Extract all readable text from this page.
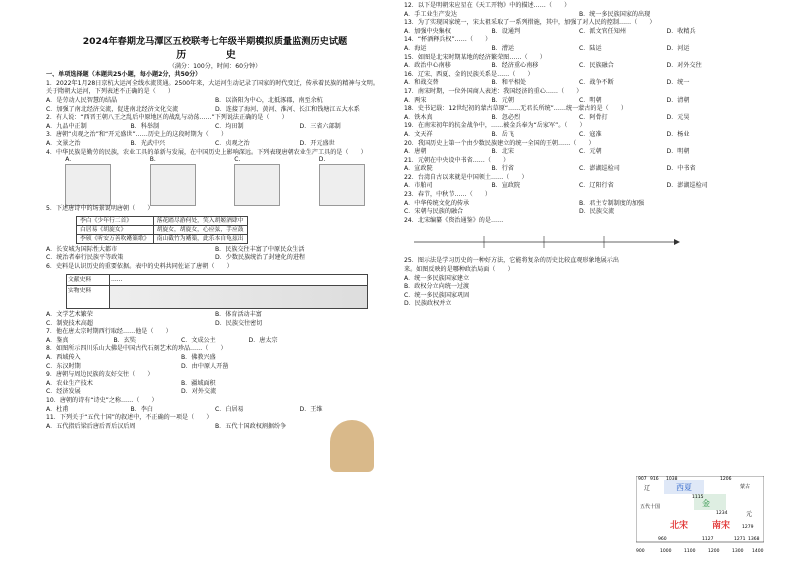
2024年春期龙马潭区五校联考七年级半期模拟质量监测历史试题
历 史
（满分：100分，时间：60分钟）
一、单项选择题（本题共25小题，每小题2分，共50分）
1．2022年1月28日京杭大运河全线水流贯通。2500年来，大运河生动记录了国家的时代变迁，传承着民族的精神与文明。关于隋朝大运河，下列表述不正确的是（　　）
A．是劳动人民智慧的结晶	B．以洛阳为中心，北抵涿郡，南至余杭
C．加强了南北经济交流，促进南北经济文化交流	D．连接了海河、黄河、淮河、长江和钱塘江五大水系
2．有人说：“西晋王朝八王之乱后中原地区的战乱与动荡……”下列说法正确的是（　　）
A．九品中正制	B．科举制	C．均田制	D．三省六部制
3．唐朝“贞观之治”和“开元盛世”……历史上的这段时期为（　　）
A．文景之治	B．光武中兴	C．贞观之治	D．开元盛世
4．中华民族是勤劳的民族，农业工具的革新与发展，在中国历史上影响深远。下列表现唐朝农业生产工具的是（　　）
A.	B.	C.	D.
5．下述唐诗中的场景说明唐朝（　　）
李白《少年行二首》	落花踏尽游何处，笑入胡姬酒肆中
白居易《胡旋女》	胡旋女，胡旋女，心应弦，手应鼓
李颀《听安万善吹觱篥歌》	南山截竹为觱篥，此乐本自龟兹出
A．长安城为国际性大都市	B．民族交往丰富了中原民众生活
C．统治者奉行民族平等政策	D．少数民族统治了封建化的进程
6．史料是认识历史的重要依据。表中的史料共同佐证了唐朝（　　）
文献史料	……
实物史料
A．文学艺术繁荣	B．体育活动丰富
C．制瓷技术高超	D．民族交往密切
7．他在唐太宗时期西行取经……他是（　　）
A．鉴真	B．玄奘	C．文成公主	D．唐太宗
8．如图所示四川乐山大佛是中国古代石刻艺术的珍品……（　　）
A．西域传入	B．佛教兴盛
C．东汉时期	D．由中原人开凿
9．唐朝与周边民族的友好交往（　　）
A．农业生产技术	B．疆域面积
C．经济发展	D．对外交流
10．唐朝的诗有“诗史”之称……（　　）
A．杜甫	B．李白	C．白居易	D．王维
11．下列关于“五代十国”的叙述中，不正确的一项是（　　）
A．五代指后梁后唐后晋后汉后周	B．五代十国政权割据纷争
12．以下是明朝宋应星在《天工开物》中的描述……（　　）
A．手工业生产发达	B．统一多民族国家的出现
13．为了实现国家统一，宋太祖采取了一系列措施，其中，加强了对人民的控制……（　　）
A．加强中央集权	B．设通判	C．派文官任知州	D．收精兵
14．“杯酒释兵权”……（　　）
A．海运	B．漕运	C．陆运	D．河运
15．如图是北宋时期某地的经济繁荣图……（　　）
A．政治中心南移	B．经济重心南移	C．民族融合	D．对外交往
16．辽宋、西夏、金的民族关系是……（　　）
A．和战交替	B．和平相处	C．战争不断	D．统一
17．南宋时期，一位外国商人表述：我国经济的重心……（　　）
A．两宋	B．元朝	C．明朝	D．清朝
18．史书记载：12世纪初的蒙古草原“……无君长所统”……统一蒙古的是（　　）
A．铁木真	B．忽必烈	C．阿骨打	D．元昊
19．在南宋初年的抗金战争中，……被金兵奉为“岳家军”。（　　）
A．文天祥	B．岳飞	C．寇准	D．杨业
20．我国历史上第一个由少数民族建立的统一全国的王朝……（　　）
A．唐朝	B．北宋	C．元朝	D．明朝
21．元朝在中央设中书省……（　　）
A．宣政院	B．行省	C．澎湖巡检司	D．中书省
22．台湾自古以来就是中国领土……（　　）
A．市舶司	B．宣政院	C．辽阳行省	D．澎湖巡检司
23．春节，中秋节……（　　）
A．中华传统文化的传承	B．君主专制制度的加强
C．宋朝与民族的融合	D．民族交流
24．北宋编纂《资治通鉴》的是……
25．图示法是学习历史的一种好方法，它能将复杂的历史比较直观形象地展示出来。如图反映的是哪种政治局面（　　）
A．统一多民族国家建立
B．政权分立向统一过渡
C．统一多民族国家巩固
D．民族政权并立
西夏
金
北宋	南宋
辽	蒙古
五代十国
元
907 916
960
1038
1115
1127
1206
1234
1271
1279
1368
900	1000	1100	1200	1300 1400
